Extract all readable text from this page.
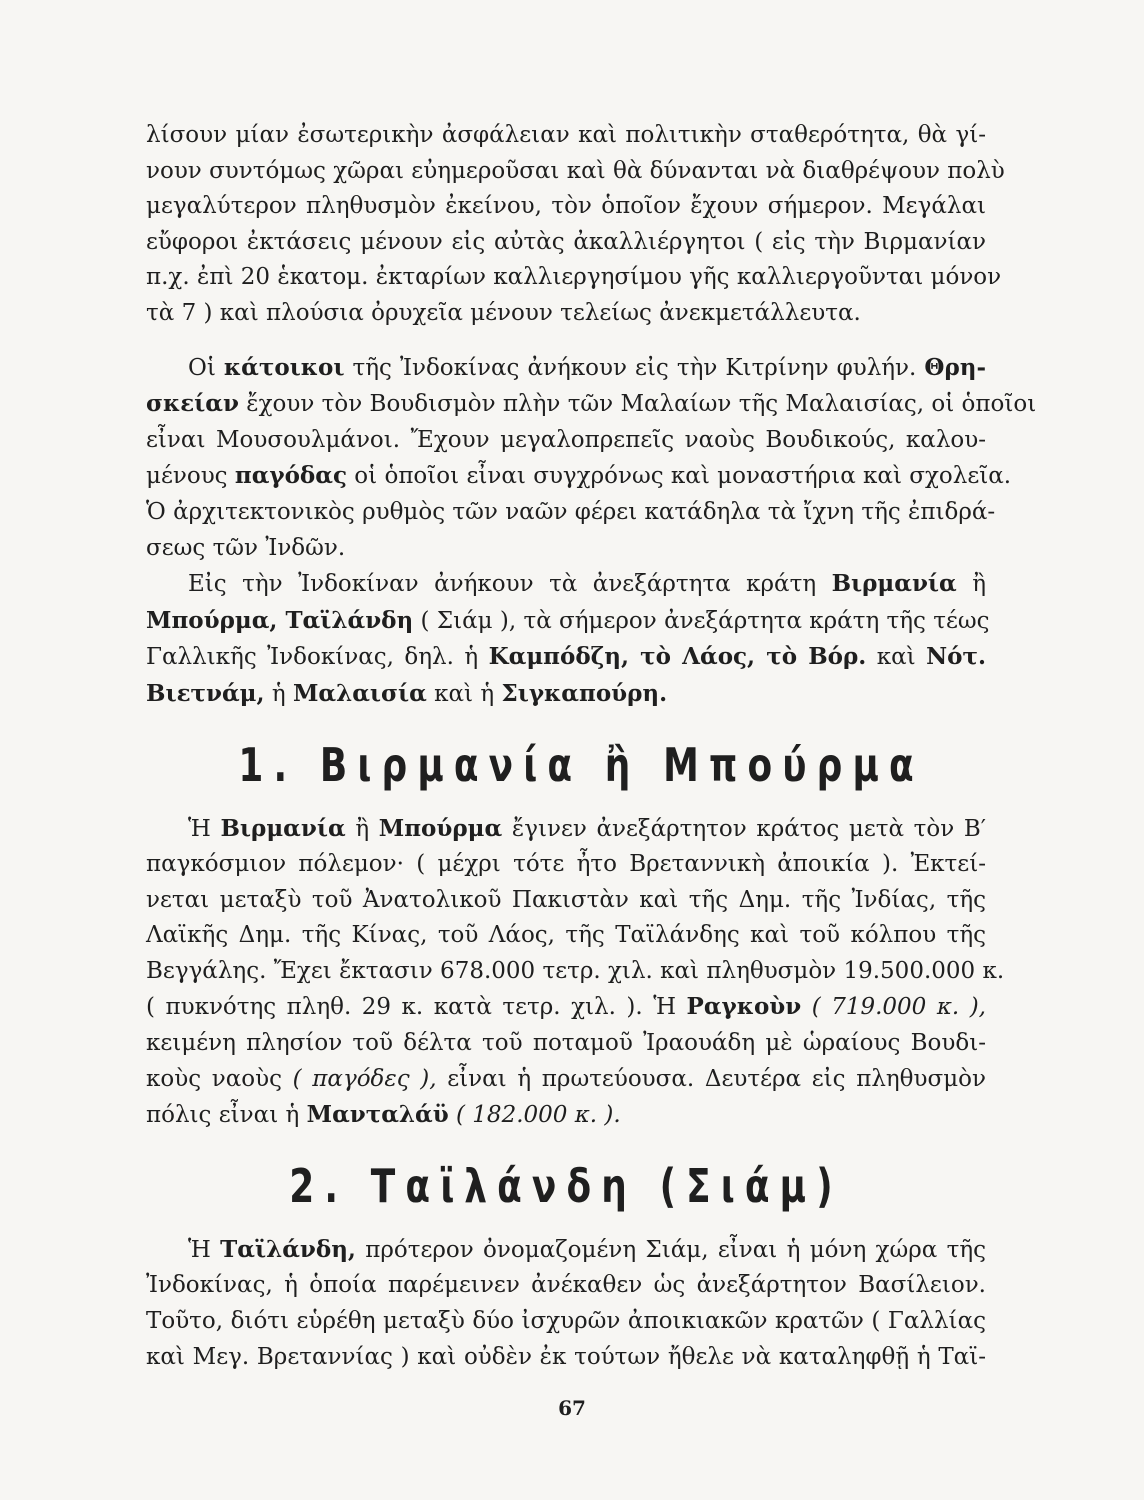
λίσουν μίαν ἐσωτερικὴν ἀσφάλειαν καὶ πολιτικὴν σταθερότητα, θὰ γί-
νουν συντόμως χῶραι εὐημεροῦσαι καὶ θὰ δύνανται νὰ διαθρέψουν πολὺ
μεγαλύτερον πληθυσμὸν ἐκείνου, τὸν ὁποῖον ἔχουν σήμερον. Μεγάλαι
εὔφοροι ἐκτάσεις μένουν εἰς αὐτὰς ἀκαλλιέργητοι ( εἰς τὴν Βιρμανίαν
π.χ. ἐπὶ 20 ἑκατομ. ἐκταρίων καλλιεργησίμου γῆς καλλιεργοῦνται μόνον
τὰ 7 ) καὶ πλούσια ὀρυχεῖα μένουν τελείως ἀνεκμετάλλευτα.

Οἱ κάτοικοι τῆς Ἰνδοκίνας ἀνήκουν εἰς τὴν Κιτρίνην φυλήν. Θρη-
σκείαν ἔχουν τὸν Βουδισμὸν πλὴν τῶν Μαλαίων τῆς Μαλαισίας, οἱ ὁποῖοι
εἶναι Μουσουλμάνοι. Ἔχουν μεγαλοπρεπεῖς ναοὺς Βουδικούς, καλου-
μένους παγόδας οἱ ὁποῖοι εἶναι συγχρόνως καὶ μοναστήρια καὶ σχολεῖα.
Ὁ ἀρχιτεκτονικὸς ρυθμὸς τῶν ναῶν φέρει κατάδηλα τὰ ἴχνη τῆς ἐπιδρά-
σεως τῶν Ἰνδῶν.

Εἰς τὴν Ἰνδοκίναν ἀνήκουν τὰ ἀνεξάρτητα κράτη Βιρμανία ἢ
Μπούρμα, Ταϊλάνδη ( Σιάμ ), τὰ σήμερον ἀνεξάρτητα κράτη τῆς τέως
Γαλλικῆς Ἰνδοκίνας, δηλ. ἡ Καμπόδζη, τὸ Λάος, τὸ Βόρ. καὶ Νότ.
Βιετνάμ, ἡ Μαλαισία καὶ ἡ Σιγκαπούρη.

1. Βιρμανία ἢ Μπούρμα

Ἡ Βιρμανία ἢ Μπούρμα ἔγινεν ἀνεξάρτητον κράτος μετὰ τὸν Β′
παγκόσμιον πόλεμον· ( μέχρι τότε ἦτο Βρεταννικὴ ἀποικία ). Ἐκτεί-
νεται μεταξὺ τοῦ Ἀνατολικοῦ Πακιστὰν καὶ τῆς Δημ. τῆς Ἰνδίας, τῆς
Λαϊκῆς Δημ. τῆς Κίνας, τοῦ Λάος, τῆς Ταϊλάνδης καὶ τοῦ κόλπου τῆς
Βεγγάλης. Ἔχει ἔκτασιν 678.000 τετρ. χιλ. καὶ πληθυσμὸν 19.500.000 κ.
( πυκνότης πληθ. 29 κ. κατὰ τετρ. χιλ. ). Ἡ Ραγκοὺν ( 719.000 κ. ),
κειμένη πλησίον τοῦ δέλτα τοῦ ποταμοῦ Ἰραουάδη μὲ ὡραίους Βουδι-
κοὺς ναοὺς ( παγόδες ), εἶναι ἡ πρωτεύουσα. Δευτέρα εἰς πληθυσμὸν
πόλις εἶναι ἡ Μανταλάϋ ( 182.000 κ. ).

2. Ταϊλάνδη (Σιάμ)

Ἡ Ταϊλάνδη, πρότερον ὀνομαζομένη Σιάμ, εἶναι ἡ μόνη χώρα τῆς
Ἰνδοκίνας, ἡ ὁποία παρέμεινεν ἀνέκαθεν ὡς ἀνεξάρτητον Βασίλειον.
Τοῦτο, διότι εὑρέθη μεταξὺ δύο ἰσχυρῶν ἀποικιακῶν κρατῶν ( Γαλλίας
καὶ Μεγ. Βρεταννίας ) καὶ οὐδὲν ἐκ τούτων ἤθελε νὰ καταληφθῇ ἡ Ταϊ-

67
